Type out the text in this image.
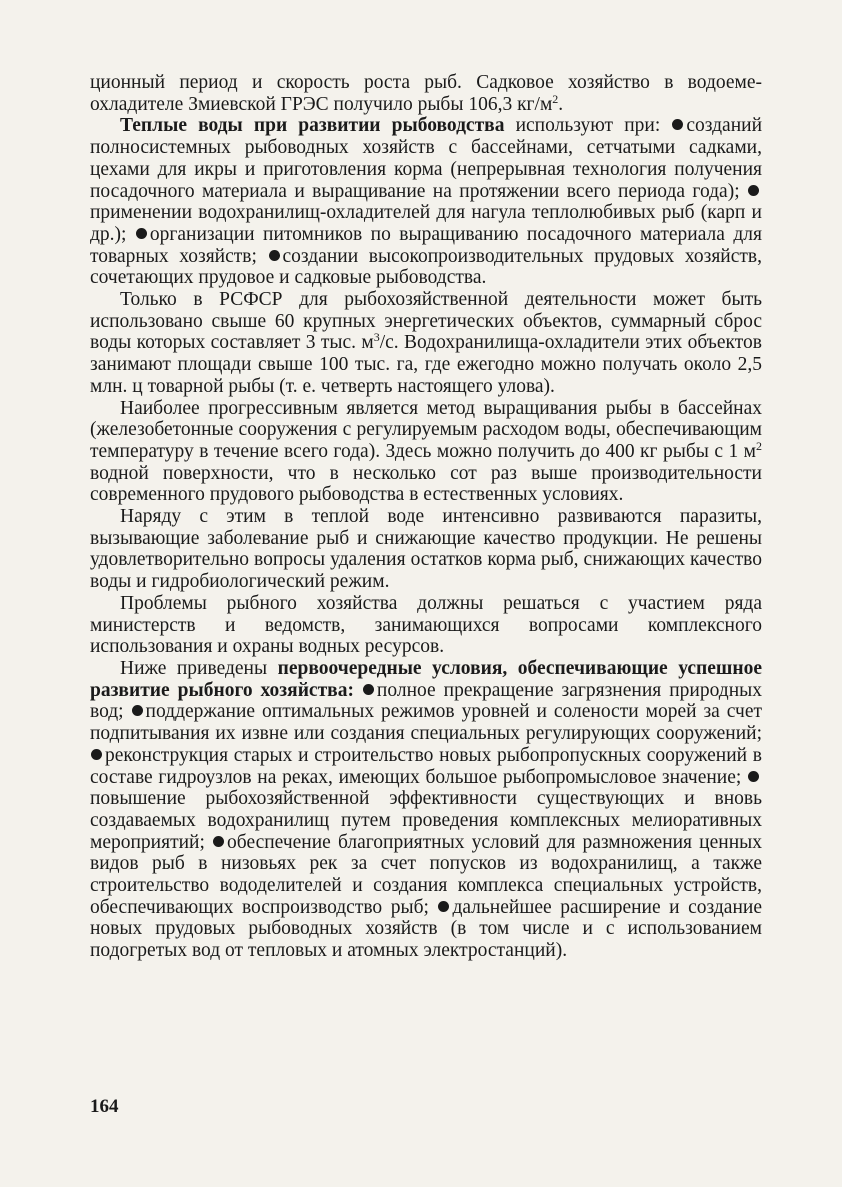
ционный период и скорость роста рыб. Садковое хозяйство в водоеме-охладителе Змиевской ГРЭС получило рыбы 106,3 $кг/м^2$.

Теплые воды при развитии рыбоводства используют при: созданий полносистемных рыбоводных хозяйств с бассейнами, сетчатыми садками, цехами для икры и приготовления корма (непрерывная технология получения посадочного материала и выращивание на протяжении всего периода года); применении водохранилищ-охладителей для нагула теплолюбивых рыб (карп и др.); организации питомников по выращиванию посадочного материала для товарных хозяйств; создании высокопроизводительных прудовых хозяйств, сочетающих прудовое и садковые рыбоводства.

Только в РСФСР для рыбохозяйственной деятельности может быть использовано свыше 60 крупных энергетических объектов, суммарный сброс воды которых составляет 3 тыс. $м^3/с$. Водохранилища-охладители этих объектов занимают площади свыше 100 тыс. га, где ежегодно можно получать около 2,5 млн. ц товарной рыбы (т. е. четверть настоящего улова).

Наиболее прогрессивным является метод выращивания рыбы в бассейнах (железобетонные сооружения с регулируемым расходом воды, обеспечивающим температуру в течение всего года). Здесь можно получить до 400 кг рыбы с 1 $м^2$ водной поверхности, что в несколько сот раз выше производительности современного прудового рыбоводства в естественных условиях.

Наряду с этим в теплой воде интенсивно развиваются паразиты, вызывающие заболевание рыб и снижающие качество продукции. Не решены удовлетворительно вопросы удаления остатков корма рыб, снижающих качество воды и гидробиологический режим.

Проблемы рыбного хозяйства должны решаться с участием ряда министерств и ведомств, занимающихся вопросами комплексного использования и охраны водных ресурсов.

Ниже приведены первоочередные условия, обеспечивающие успешное развитие рыбного хозяйства: полное прекращение загрязнения природных вод; поддержание оптимальных режимов уровней и солености морей за счет подпитывания их извне или создания специальных регулирующих сооружений; реконструкция старых и строительство новых рыбопропускных сооружений в составе гидроузлов на реках, имеющих большое рыбопромысловое значение; повышение рыбохозяйственной эффективности существующих и вновь создаваемых водохранилищ путем проведения комплексных мелиоративных мероприятий; обеспечение благоприятных условий для размножения ценных видов рыб в низовьях рек за счет попусков из водохранилищ, а также строительство вододелителей и создания комплекса специальных устройств, обеспечивающих воспроизводство рыб; дальнейшее расширение и создание новых прудовых рыбоводных хозяйств (в том числе и с использованием подогретых вод от тепловых и атомных электростанций).

164
